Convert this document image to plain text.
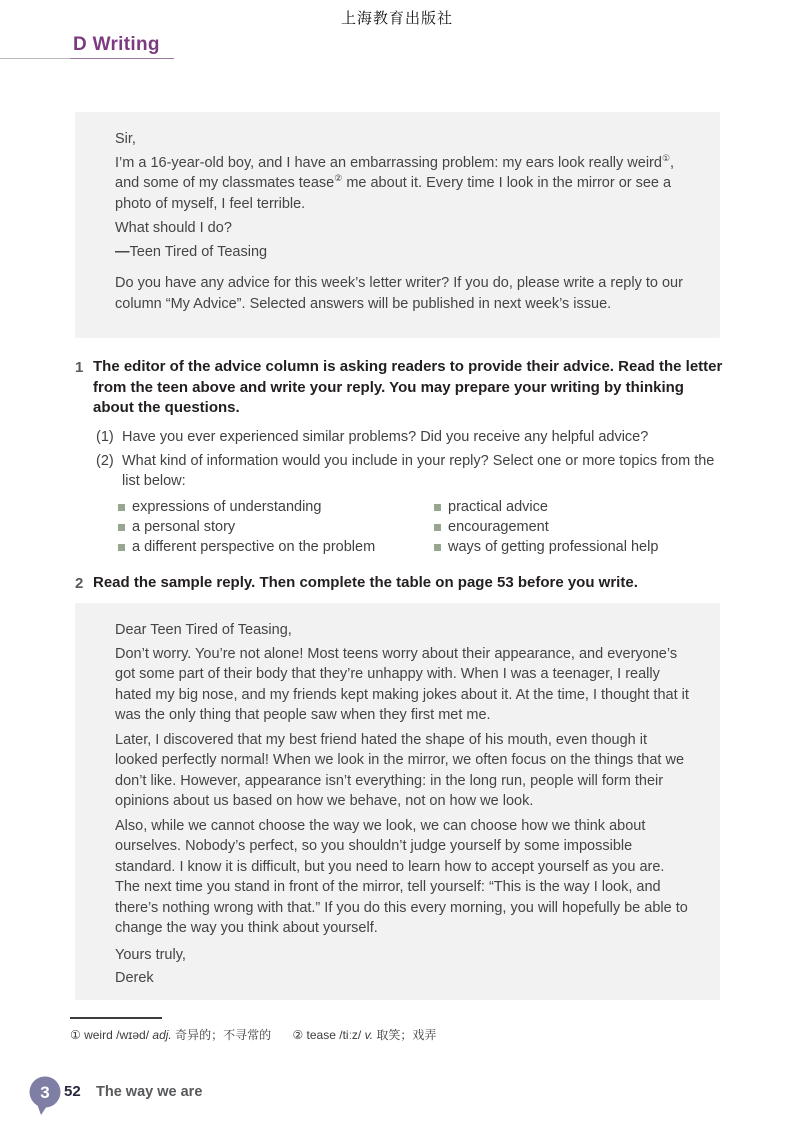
上海教育出版社
D Writing

Sir,

I’m a 16-year-old boy, and I have an embarrassing problem: my ears look really weird①, and some of my classmates tease② me about it. Every time I look in the mirror or see a photo of myself, I feel terrible.

What should I do?

—Teen Tired of Teasing

Do you have any advice for this week’s letter writer? If you do, please write a reply to our column “My Advice”. Selected answers will be published in next week’s issue.

1 The editor of the advice column is asking readers to provide their advice. Read the letter from the teen above and write your reply. You may prepare your writing by thinking about the questions.

(1) Have you ever experienced similar problems? Did you receive any helpful advice?
(2) What kind of information would you include in your reply? Select one or more topics from the list below:
expressions of understanding
a personal story
a different perspective on the problem
practical advice
encouragement
ways of getting professional help
2 Read the sample reply. Then complete the table on page 53 before you write.

Dear Teen Tired of Teasing,

Don’t worry. You’re not alone! Most teens worry about their appearance, and everyone’s got some part of their body that they’re unhappy with. When I was a teenager, I really hated my big nose, and my friends kept making jokes about it. At the time, I thought that it was the only thing that people saw when they first met me.

Later, I discovered that my best friend hated the shape of his mouth, even though it looked perfectly normal! When we look in the mirror, we often focus on the things that we don’t like. However, appearance isn’t everything: in the long run, people will form their opinions about us based on how we behave, not on how we look.

Also, while we cannot choose the way we look, we can choose how we think about ourselves. Nobody’s perfect, so you shouldn’t judge yourself by some impossible standard. I know it is difficult, but you need to learn how to accept yourself as you are. The next time you stand in front of the mirror, tell yourself: “This is the way I look, and there’s nothing wrong with that.” If you do this every morning, you will hopefully be able to change the way you think about yourself.

Yours truly,

Derek

① weird /wɪəd/ adj. 奇异的；不寻常的 ② tease /tiːz/ v. 取笑；戏弄
3 52 The way we are
